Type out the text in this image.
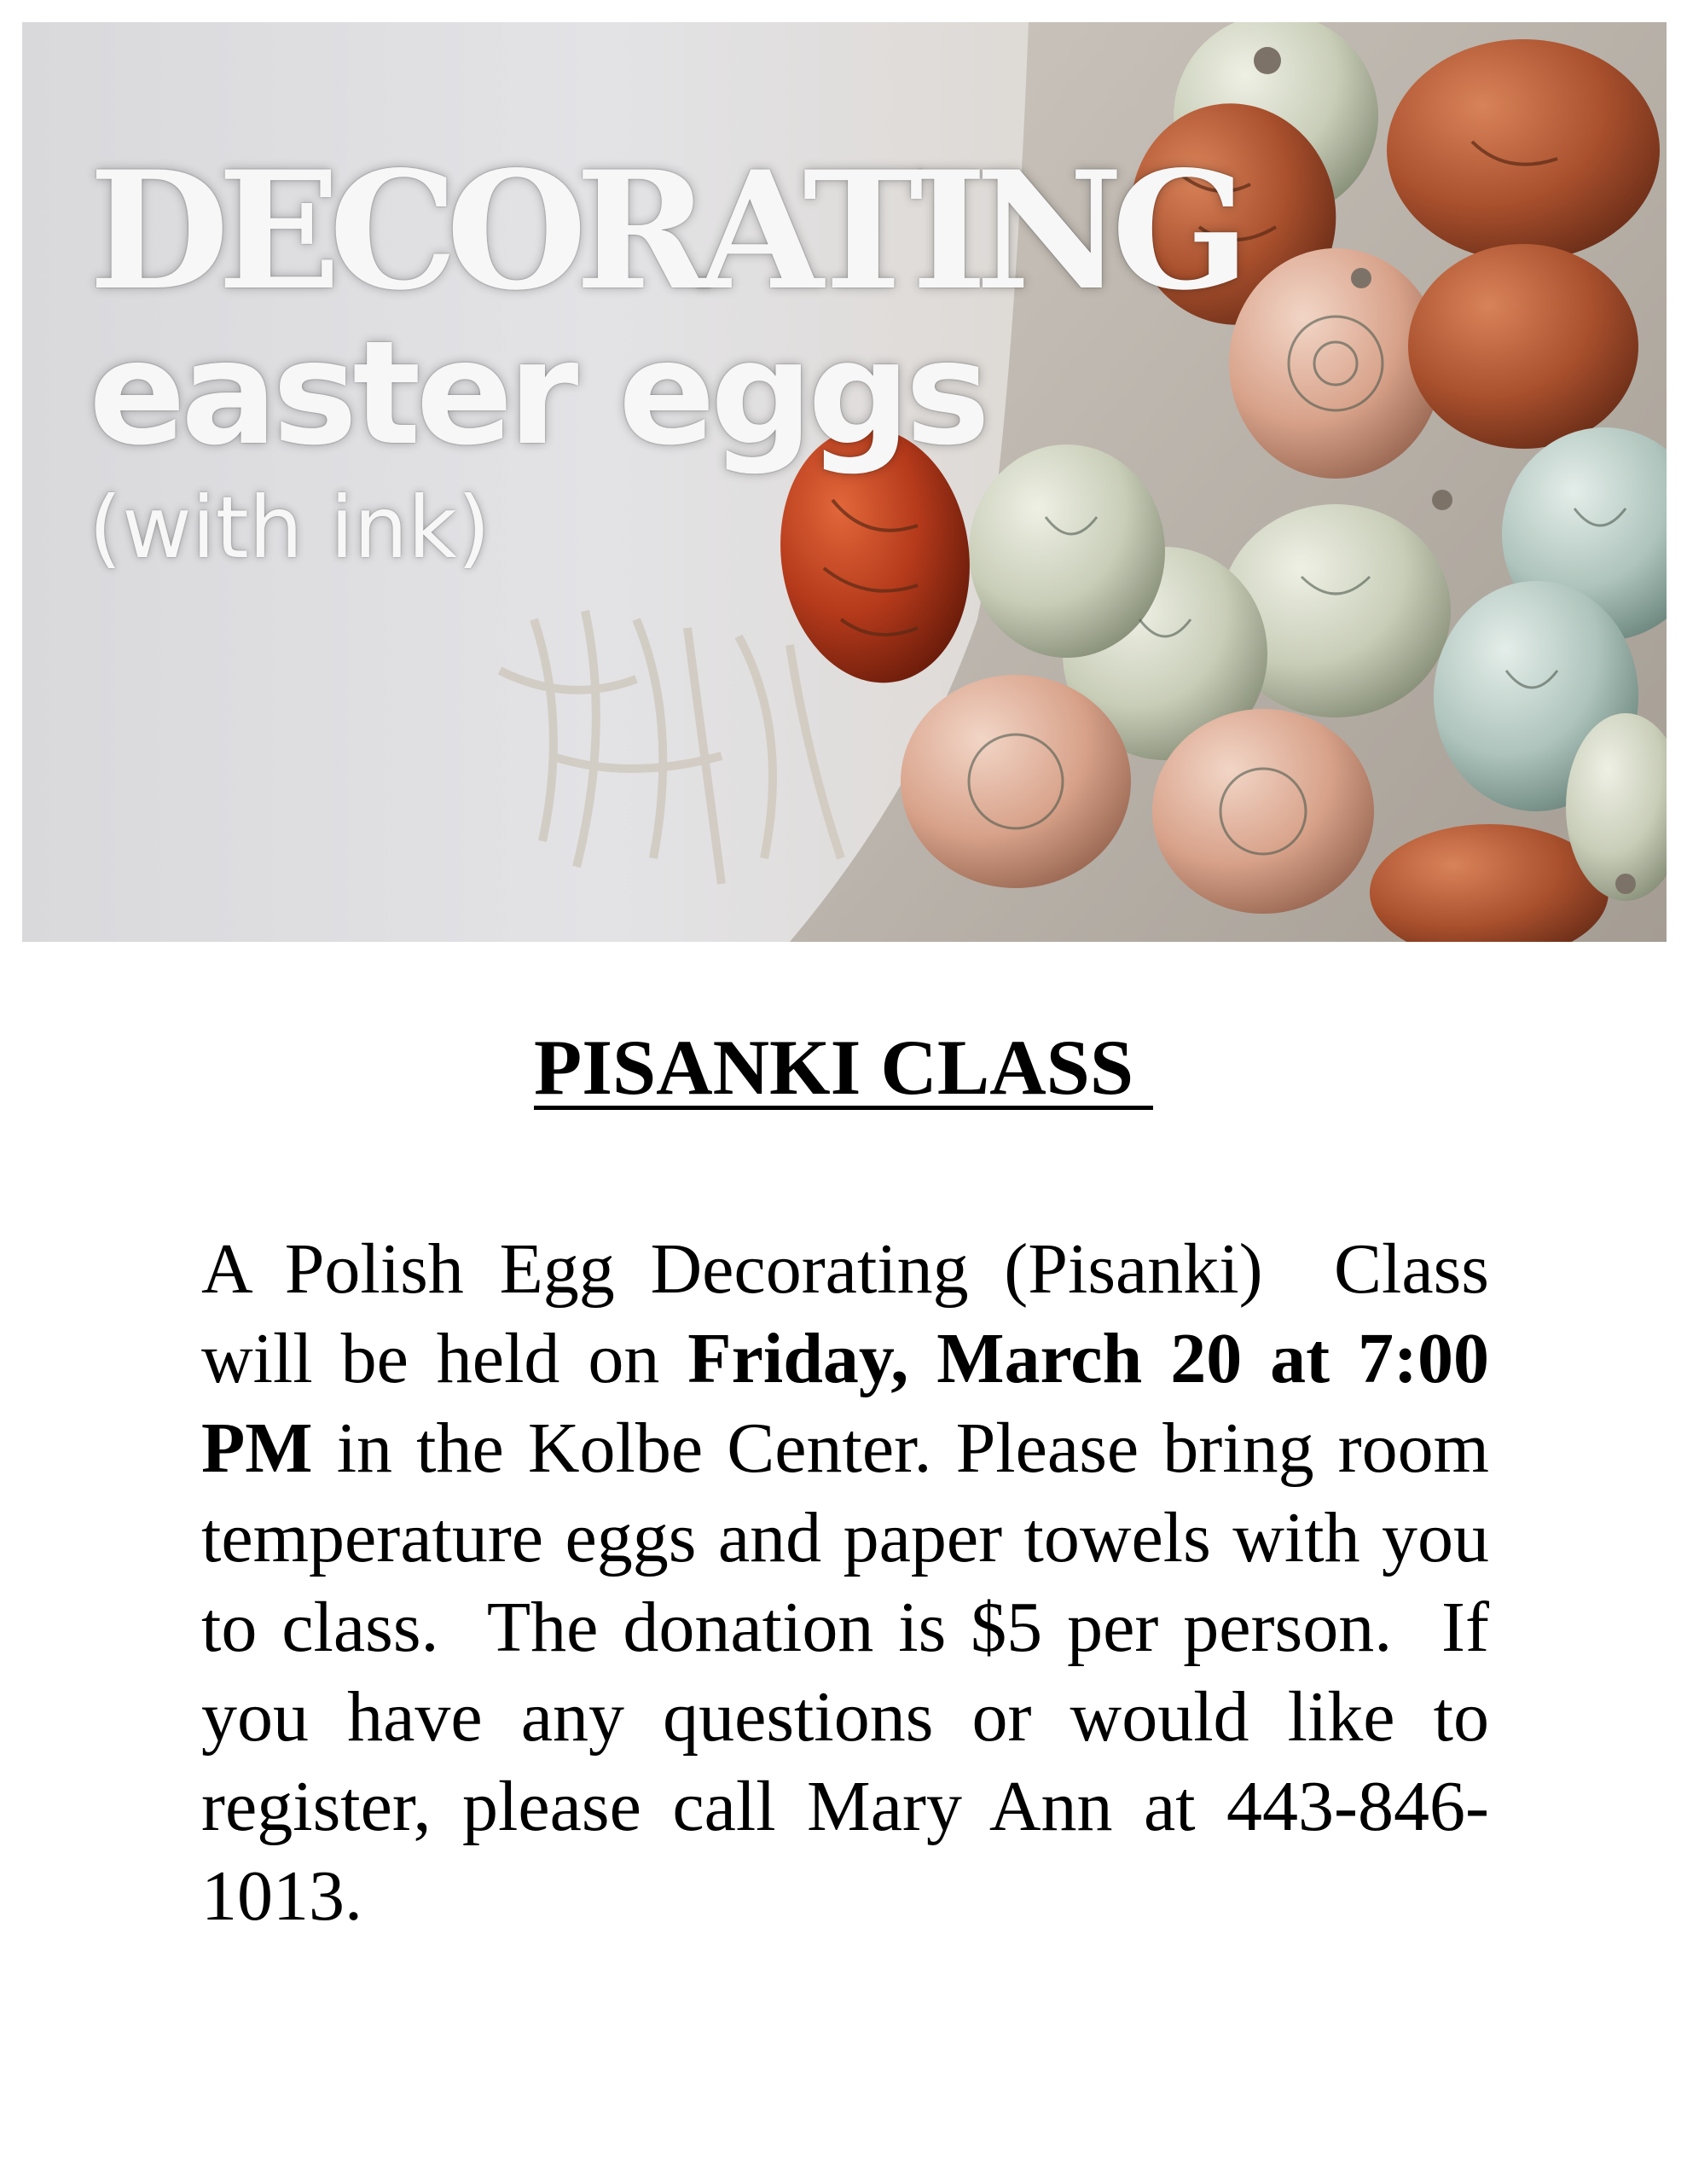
DECORATING
easter eggs
(with ink)
PISANKI CLASS
A Polish Egg Decorating (Pisanki)  Class will be held on Friday, March 20 at 7:00 PM in the Kolbe Center. Please bring room temperature eggs and paper towels with you to class.  The donation is $5 per person.  If you have any questions or would like to register, please call Mary Ann at 443-846-1013.
